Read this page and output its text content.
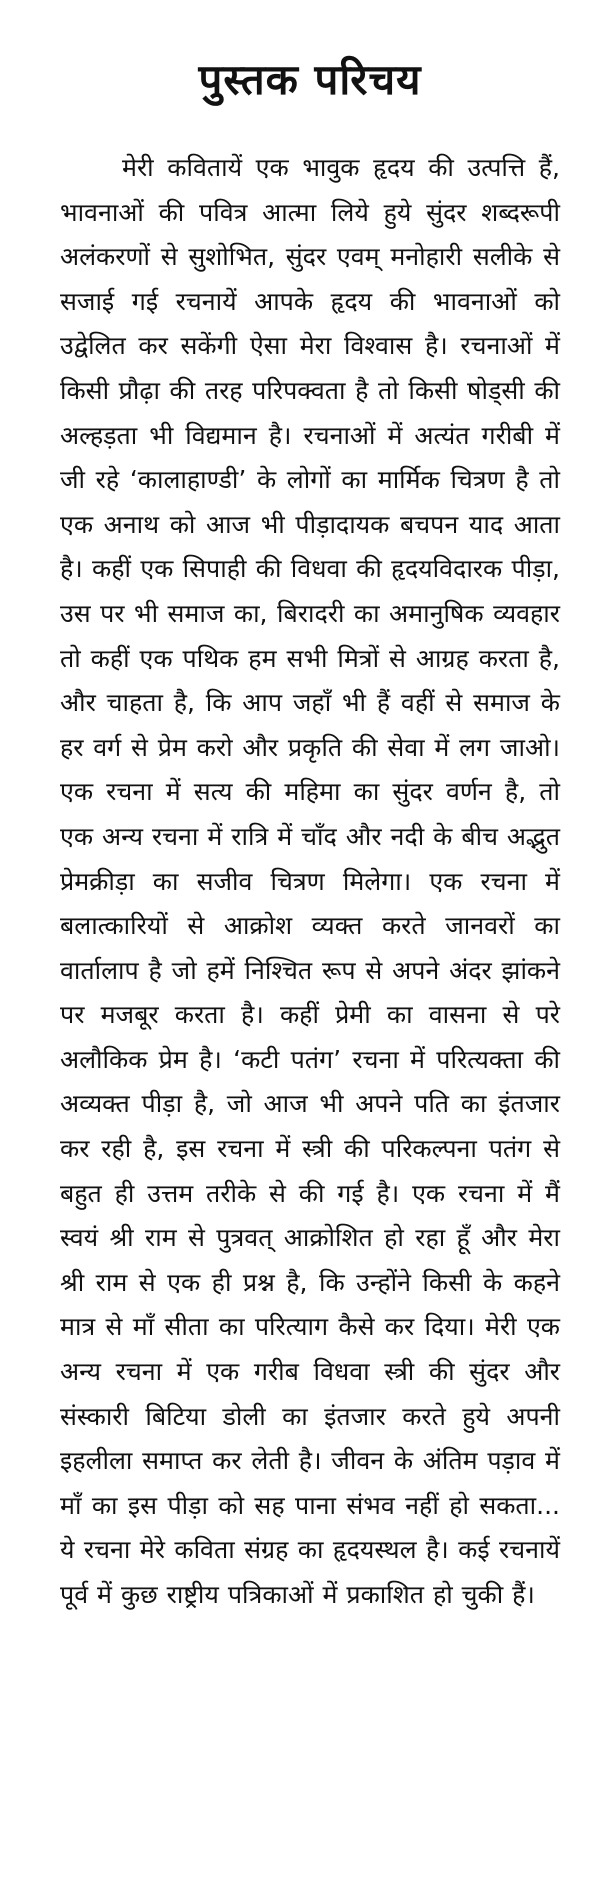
पुस्तक परिचय

मेरी कवितायें एक भावुक हृदय की उत्पत्ति हैं, भावनाओं की पवित्र आत्मा लिये हुये सुंदर शब्दरूपी अलंकरणों से सुशोभित, सुंदर एवम् मनोहारी सलीके से सजाई गई रचनायें आपके हृदय की भावनाओं को उद्वेलित कर सकेंगी ऐसा मेरा विश्वास है। रचनाओं में किसी प्रौढ़ा की तरह परिपक्वता है तो किसी षोड्सी की अल्हड़ता भी विद्यमान है। रचनाओं में अत्यंत गरीबी में जी रहे ‘कालाहाण्डी’ के लोगों का मार्मिक चित्रण है तो एक अनाथ को आज भी पीड़ादायक बचपन याद आता है। कहीं एक सिपाही की विधवा की हृदयविदारक पीड़ा, उस पर भी समाज का, बिरादरी का अमानुषिक व्यवहार तो कहीं एक पथिक हम सभी मित्रों से आग्रह करता है, और चाहता है, कि आप जहाँ भी हैं वहीं से समाज के हर वर्ग से प्रेम करो और प्रकृति की सेवा में लग जाओ। एक रचना में सत्य की महिमा का सुंदर वर्णन है, तो एक अन्य रचना में रात्रि में चाँद और नदी के बीच अद्भुत प्रेमक्रीड़ा का सजीव चित्रण मिलेगा। एक रचना में बलात्कारियों से आक्रोश व्यक्त करते जानवरों का वार्तालाप है जो हमें निश्चित रूप से अपने अंदर झांकने पर मजबूर करता है। कहीं प्रेमी का वासना से परे अलौकिक प्रेम है। ‘कटी पतंग’ रचना में परित्यक्ता की अव्यक्त पीड़ा है, जो आज भी अपने पति का इंतजार कर रही है, इस रचना में स्त्री की परिकल्पना पतंग से बहुत ही उत्तम तरीके से की गई है। एक रचना में मैं स्वयं श्री राम से पुत्रवत् आक्रोशित हो रहा हूँ और मेरा श्री राम से एक ही प्रश्न है, कि उन्होंने किसी के कहने मात्र से माँ सीता का परित्याग कैसे कर दिया। मेरी एक अन्य रचना में एक गरीब विधवा स्त्री की सुंदर और संस्कारी बिटिया डोली का इंतजार करते हुये अपनी इहलीला समाप्त कर लेती है। जीवन के अंतिम पड़ाव में माँ का इस पीड़ा को सह पाना संभव नहीं हो सकता... ये रचना मेरे कविता संग्रह का हृदयस्थल है। कई रचनायें पूर्व में कुछ राष्ट्रीय पत्रिकाओं में प्रकाशित हो चुकी हैं।
